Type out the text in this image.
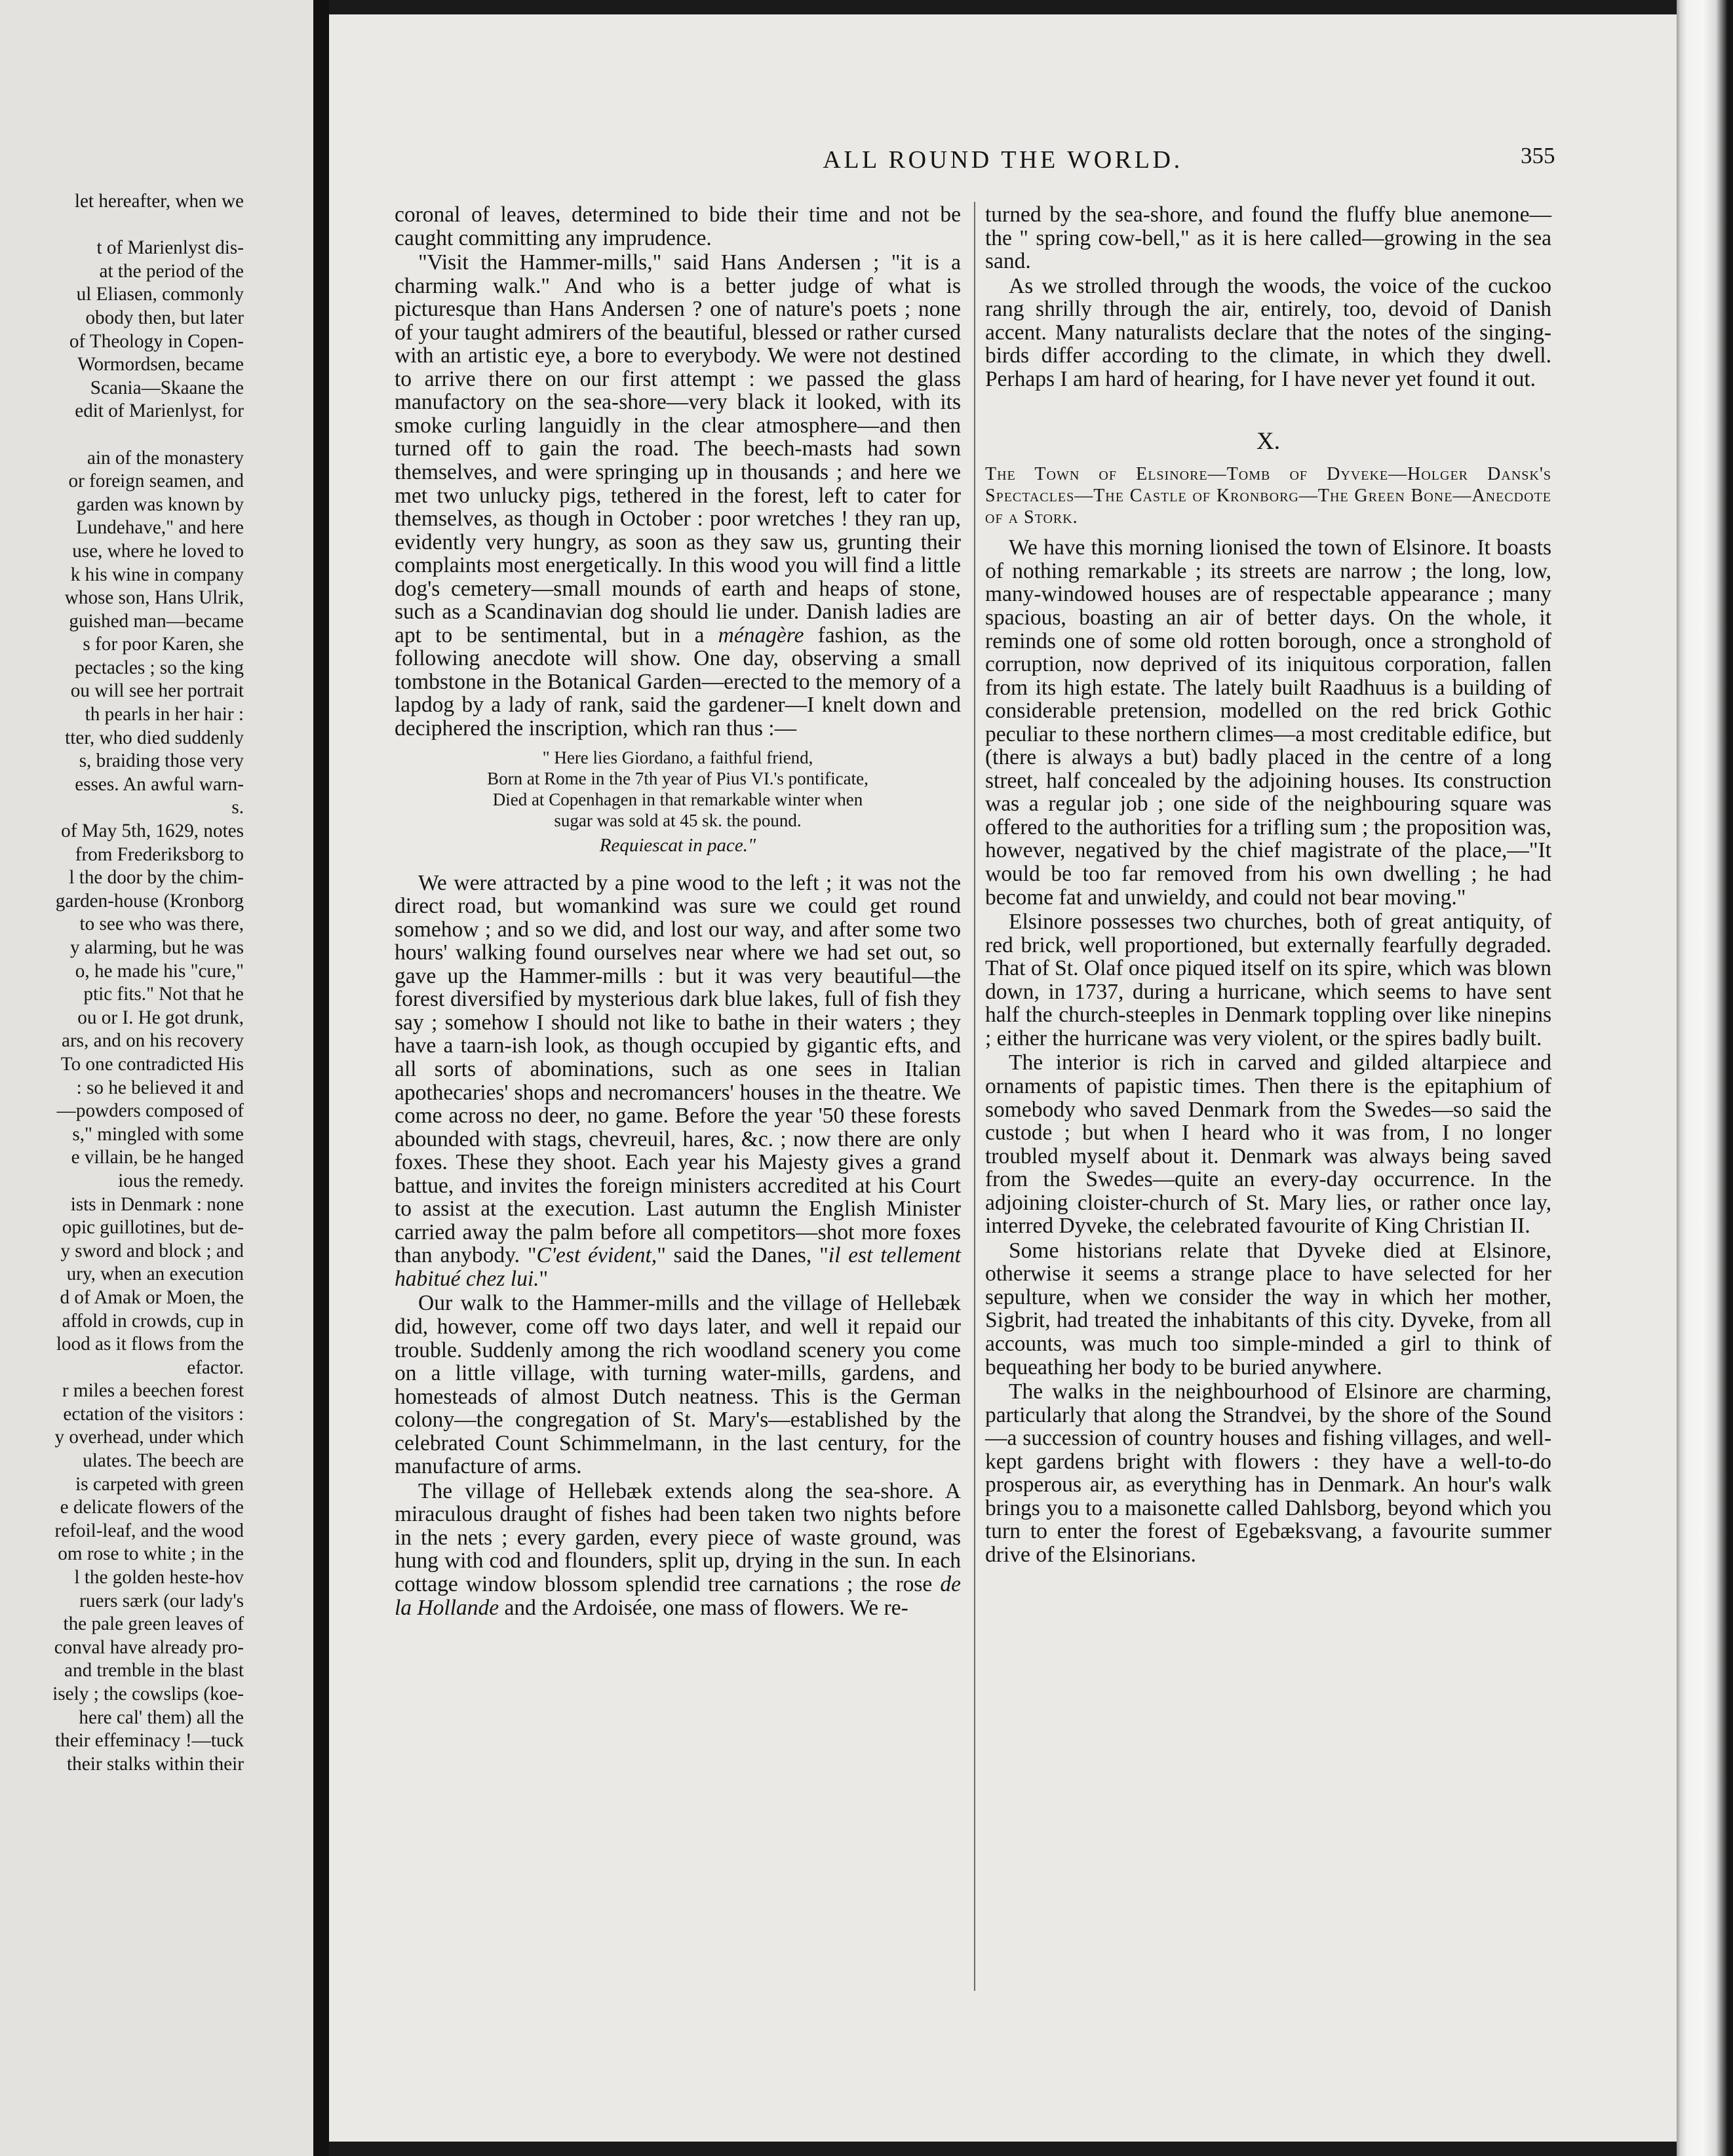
let hereafter, when we

t of Marienlyst dis-

at the period of the

ul Eliasen, commonly

obody then, but later

of Theology in Copen-

Wormordsen, became

Scania—Skaane the

edit of Marienlyst, for

ain of the monastery

or foreign seamen, and

garden was known by

Lundehave," and here

use, where he loved to

k his wine in company

whose son, Hans Ulrik,

guished man—became

s for poor Karen, she

pectacles ; so the king

ou will see her portrait

th pearls in her hair :

tter, who died suddenly

s, braiding those very

esses. An awful warn-

s.

of May 5th, 1629, notes

from Frederiksborg to

l the door by the chim-

garden-house (Kronborg

to see who was there,

y alarming, but he was

o, he made his "cure,"

ptic fits." Not that he

ou or I. He got drunk,

ars, and on his recovery

To one contradicted His

: so he believed it and

—powders composed of

s," mingled with some

e villain, be he hanged

ious the remedy.

ists in Denmark : none

opic guillotines, but de-

y sword and block ; and

ury, when an execution

d of Amak or Moen, the

affold in crowds, cup in

lood as it flows from the

efactor.

r miles a beechen forest

ectation of the visitors :

y overhead, under which

ulates. The beech are

is carpeted with green

e delicate flowers of the

refoil-leaf, and the wood

om rose to white ; in the

l the golden heste-hov

ruers særk (our lady's

the pale green leaves of

conval have already pro-

and tremble in the blast

isely ; the cowslips (koe-

here cal' them) all the

their effeminacy !—tuck

their stalks within their

ALL ROUND THE WORLD.	355

coronal of leaves, determined to bide their time and not be caught committing any imprudence.

"Visit the Hammer-mills," said Hans Andersen ; "it is a charming walk." And who is a better judge of what is picturesque than Hans Andersen ? one of nature's poets ; none of your taught admirers of the beautiful, blessed or rather cursed with an artistic eye, a bore to everybody. We were not destined to arrive there on our first attempt : we passed the glass manufactory on the sea-shore—very black it looked, with its smoke curling languidly in the clear atmosphere—and then turned off to gain the road. The beech-masts had sown themselves, and were springing up in thousands ; and here we met two unlucky pigs, tethered in the forest, left to cater for themselves, as though in October : poor wretches ! they ran up, evidently very hungry, as soon as they saw us, grunting their complaints most energetically. In this wood you will find a little dog's cemetery—small mounds of earth and heaps of stone, such as a Scandinavian dog should lie under. Danish ladies are apt to be sentimental, but in a ménagère fashion, as the following anecdote will show. One day, observing a small tombstone in the Botanical Garden—erected to the memory of a lapdog by a lady of rank, said the gardener—I knelt down and deciphered the inscription, which ran thus :—

" Here lies Giordano, a faithful friend,
Born at Rome in the 7th year of Pius VI.'s pontificate,
Died at Copenhagen in that remarkable winter when
sugar was sold at 45 sk. the pound.
Requiescat in pace."

We were attracted by a pine wood to the left ; it was not the direct road, but womankind was sure we could get round somehow ; and so we did, and lost our way, and after some two hours' walking found ourselves near where we had set out, so gave up the Hammer-mills : but it was very beautiful—the forest diversified by mysterious dark blue lakes, full of fish they say ; somehow I should not like to bathe in their waters ; they have a taarn-ish look, as though occupied by gigantic efts, and all sorts of abominations, such as one sees in Italian apothecaries' shops and necromancers' houses in the theatre. We come across no deer, no game. Before the year '50 these forests abounded with stags, chevreuil, hares, &c. ; now there are only foxes. These they shoot. Each year his Majesty gives a grand battue, and invites the foreign ministers accredited at his Court to assist at the execution. Last autumn the English Minister carried away the palm before all competitors—shot more foxes than anybody. "C'est évident," said the Danes, "il est tellement habitué chez lui."

Our walk to the Hammer-mills and the village of Hellebæk did, however, come off two days later, and well it repaid our trouble. Suddenly among the rich woodland scenery you come on a little village, with turning water-mills, gardens, and homesteads of almost Dutch neatness. This is the German colony—the congregation of St. Mary's—established by the celebrated Count Schimmelmann, in the last century, for the manufacture of arms.

The village of Hellebæk extends along the sea-shore. A miraculous draught of fishes had been taken two nights before in the nets ; every garden, every piece of waste ground, was hung with cod and flounders, split up, drying in the sun. In each cottage window blossom splendid tree carnations ; the rose de la Hollande and the Ardoisée, one mass of flowers. We re-

turned by the sea-shore, and found the fluffy blue anemone—the " spring cow-bell," as it is here called—growing in the sea sand.

As we strolled through the woods, the voice of the cuckoo rang shrilly through the air, entirely, too, devoid of Danish accent. Many naturalists declare that the notes of the singing-birds differ according to the climate, in which they dwell. Perhaps I am hard of hearing, for I have never yet found it out.

X.
The Town of Elsinore—Tomb of Dyveke—Holger Dansk's Spectacles—The Castle of Kronborg—The Green Bone—Anecdote of a Stork.

We have this morning lionised the town of Elsinore. It boasts of nothing remarkable ; its streets are narrow ; the long, low, many-windowed houses are of respectable appearance ; many spacious, boasting an air of better days. On the whole, it reminds one of some old rotten borough, once a stronghold of corruption, now deprived of its iniquitous corporation, fallen from its high estate. The lately built Raadhuus is a building of considerable pretension, modelled on the red brick Gothic peculiar to these northern climes—a most creditable edifice, but (there is always a but) badly placed in the centre of a long street, half concealed by the adjoining houses. Its construction was a regular job ; one side of the neighbouring square was offered to the authorities for a trifling sum ; the proposition was, however, negatived by the chief magistrate of the place,—"It would be too far removed from his own dwelling ; he had become fat and unwieldy, and could not bear moving."

Elsinore possesses two churches, both of great antiquity, of red brick, well proportioned, but externally fearfully degraded. That of St. Olaf once piqued itself on its spire, which was blown down, in 1737, during a hurricane, which seems to have sent half the church-steeples in Denmark toppling over like ninepins ; either the hurricane was very violent, or the spires badly built.

The interior is rich in carved and gilded altarpiece and ornaments of papistic times. Then there is the epitaphium of somebody who saved Denmark from the Swedes—so said the custode ; but when I heard who it was from, I no longer troubled myself about it. Denmark was always being saved from the Swedes—quite an every-day occurrence. In the adjoining cloister-church of St. Mary lies, or rather once lay, interred Dyveke, the celebrated favourite of King Christian II.

Some historians relate that Dyveke died at Elsinore, otherwise it seems a strange place to have selected for her sepulture, when we consider the way in which her mother, Sigbrit, had treated the inhabitants of this city. Dyveke, from all accounts, was much too simple-minded a girl to think of bequeathing her body to be buried anywhere.

The walks in the neighbourhood of Elsinore are charming, particularly that along the Strandvei, by the shore of the Sound—a succession of country houses and fishing villages, and well-kept gardens bright with flowers : they have a well-to-do prosperous air, as everything has in Denmark. An hour's walk brings you to a maisonette called Dahlsborg, beyond which you turn to enter the forest of Egebæksvang, a favourite summer drive of the Elsinorians.
